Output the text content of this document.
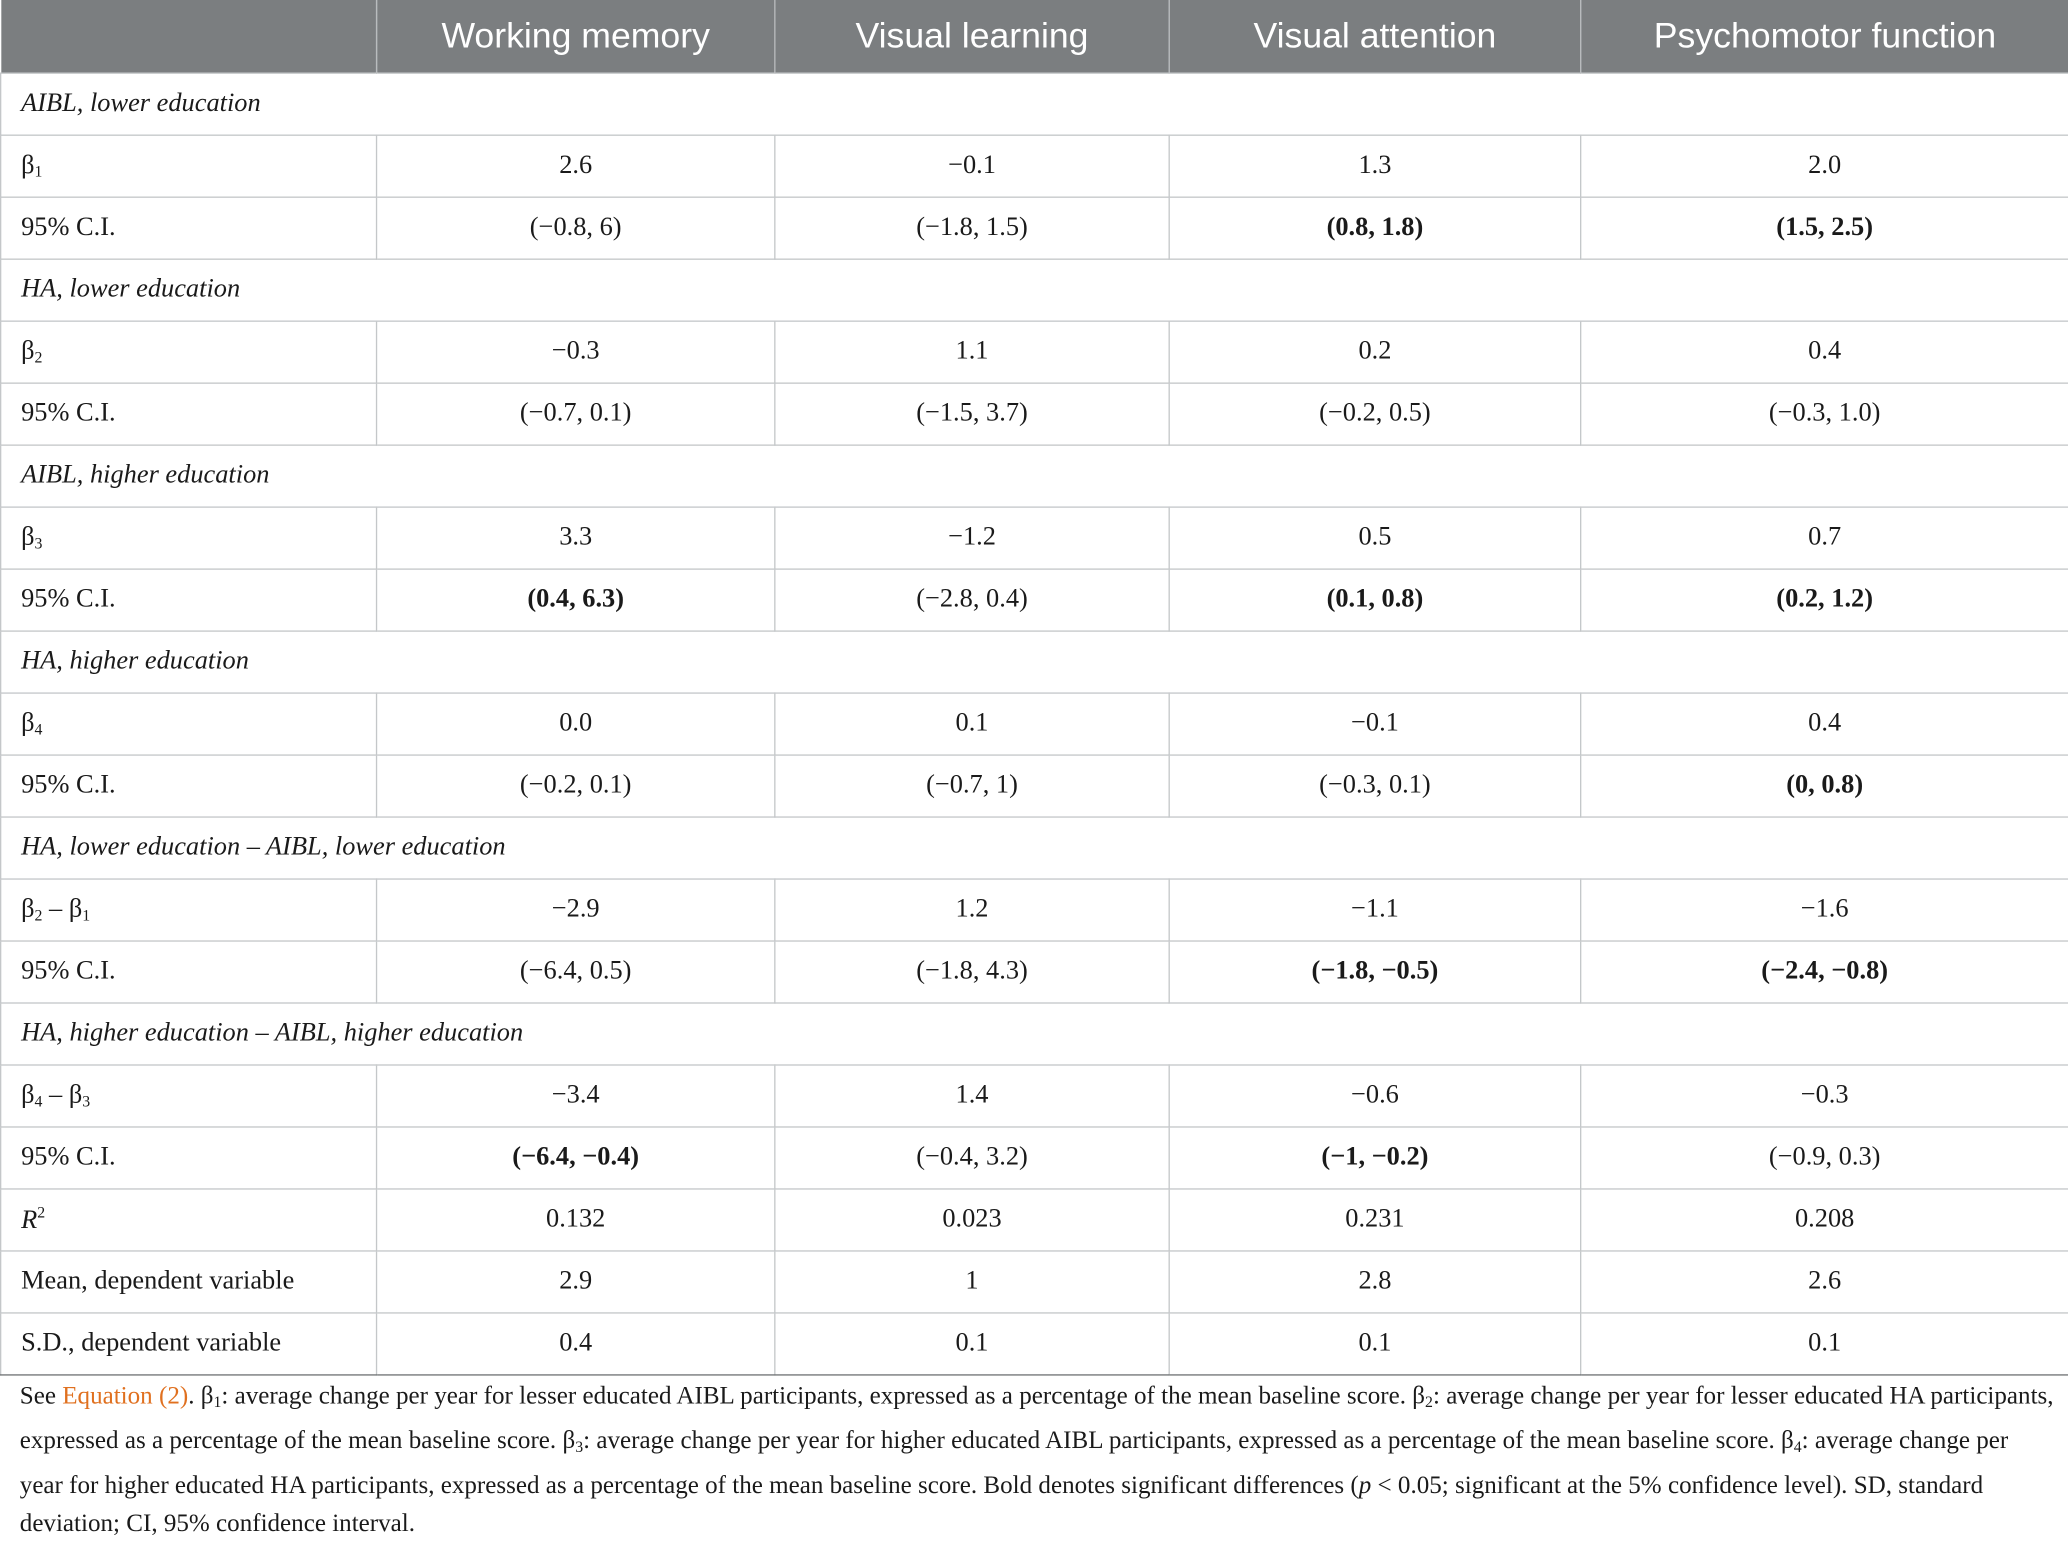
	Working memory	Visual learning	Visual attention	Psychomotor function
AIBL, lower education				
$\beta_1$	2.6	−0.1	1.3	2.0
95% C.I.	(−0.8, 6)	(−1.8, 1.5)	(0.8, 1.8)	(1.5, 2.5)
HA, lower education				
$\beta_2$	−0.3	1.1	0.2	0.4
95% C.I.	(−0.7, 0.1)	(−1.5, 3.7)	(−0.2, 0.5)	(−0.3, 1.0)
AIBL, higher education				
$\beta_3$	3.3	−1.2	0.5	0.7
95% C.I.	(0.4, 6.3)	(−2.8, 0.4)	(0.1, 0.8)	(0.2, 1.2)
HA, higher education				
$\beta_4$	0.0	0.1	−0.1	0.4
95% C.I.	(−0.2, 0.1)	(−0.7, 1)	(−0.3, 0.1)	(0, 0.8)
HA, lower education – AIBL, lower education				
$\beta_2 - \beta_1$	−2.9	1.2	−1.1	−1.6
95% C.I.	(−6.4, 0.5)	(−1.8, 4.3)	(−1.8, −0.5)	(−2.4, −0.8)
HA, higher education – AIBL, higher education				
$\beta_4 - \beta_3$	−3.4	1.4	−0.6	−0.3
95% C.I.	(−6.4, −0.4)	(−0.4, 3.2)	(−1, −0.2)	(−0.9, 0.3)
$R^2$	0.132	0.023	0.231	0.208
Mean, dependent variable	2.9	1	2.8	2.6
S.D., dependent variable	0.4	0.1	0.1	0.1
See Equation (2). $\beta_1$: average change per year for lesser educated AIBL participants, expressed as a percentage of the mean baseline score. $\beta_2$: average change per year for lesser educated HA participants, expressed as a percentage of the mean baseline score. $\beta_3$: average change per year for higher educated AIBL participants, expressed as a percentage of the mean baseline score. $\beta_4$: average change per year for higher educated HA participants, expressed as a percentage of the mean baseline score. Bold denotes significant differences (p < 0.05; significant at the 5% confidence level). SD, standard deviation; CI, 95% confidence interval.
